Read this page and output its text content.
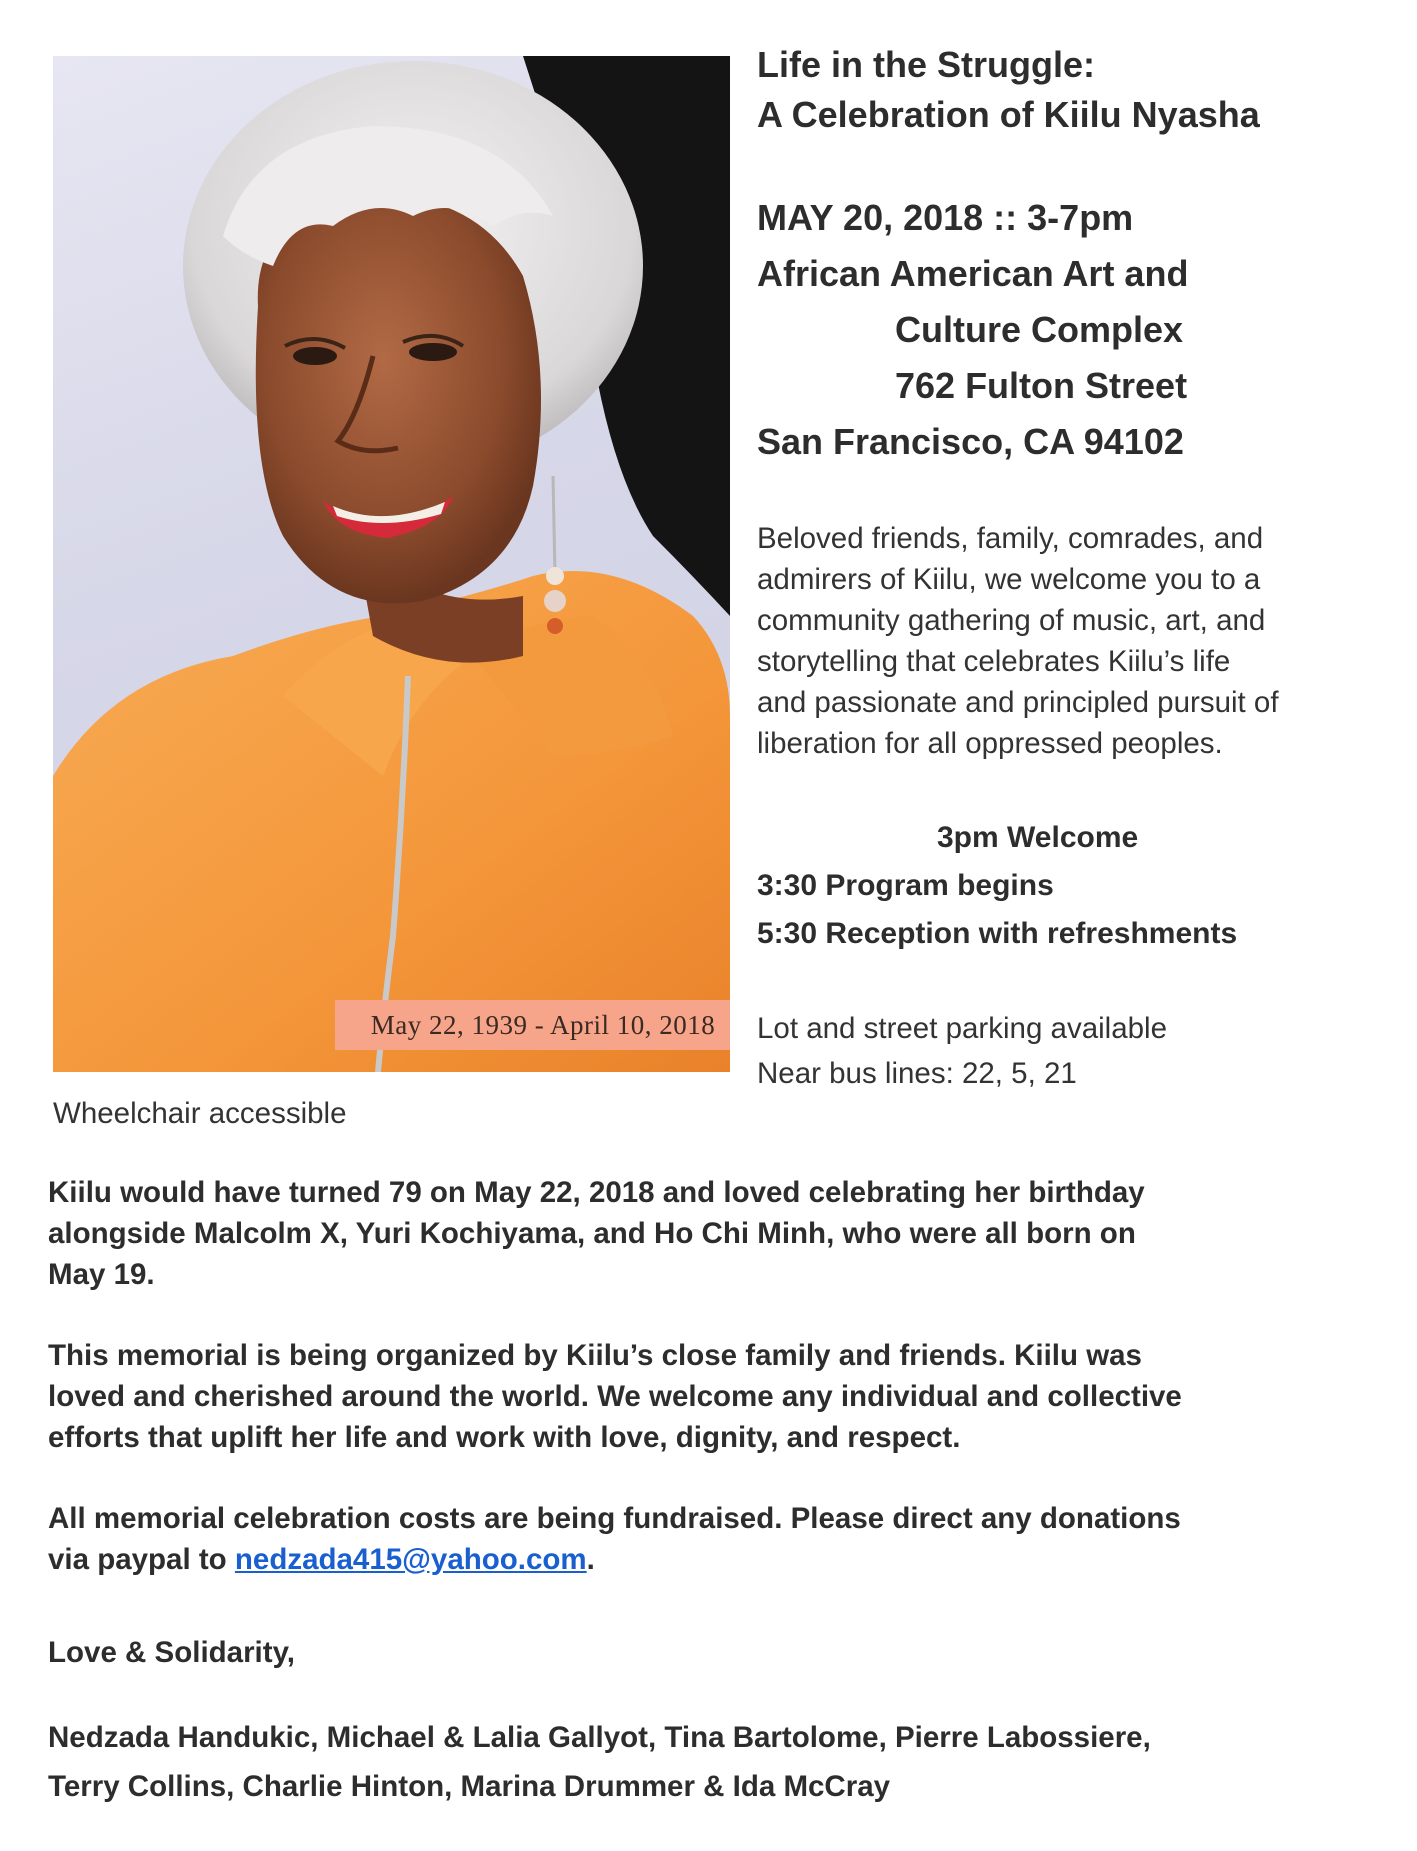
May 22, 1939 - April 10, 2018
Life in the Struggle:
A Celebration of Kiilu Nyasha
MAY 20, 2018 :: 3-7pm
African American Art and
Culture Complex
762 Fulton Street
San Francisco, CA 94102
Beloved friends, family, comrades, and
admirers of Kiilu, we welcome you to a
community gathering of music, art, and
storytelling that celebrates Kiilu’s life
and passionate and principled pursuit of
liberation for all oppressed peoples.
3pm Welcome
3:30 Program begins
5:30 Reception with refreshments
Lot and street parking available
Near bus lines: 22, 5, 21
Wheelchair accessible

Kiilu would have turned 79 on May 22, 2018 and loved celebrating her birthday
alongside Malcolm X, Yuri Kochiyama, and Ho Chi Minh, who were all born on
May 19.

This memorial is being organized by Kiilu’s close family and friends. Kiilu was
loved and cherished around the world. We welcome any individual and collective
efforts that uplift her life and work with love, dignity, and respect.

All memorial celebration costs are being fundraised. Please direct any donations
via paypal to nedzada415@yahoo.com.

Love & Solidarity,

Nedzada Handukic, Michael & Lalia Gallyot, Tina Bartolome, Pierre Labossiere,
Terry Collins, Charlie Hinton, Marina Drummer & Ida McCray
